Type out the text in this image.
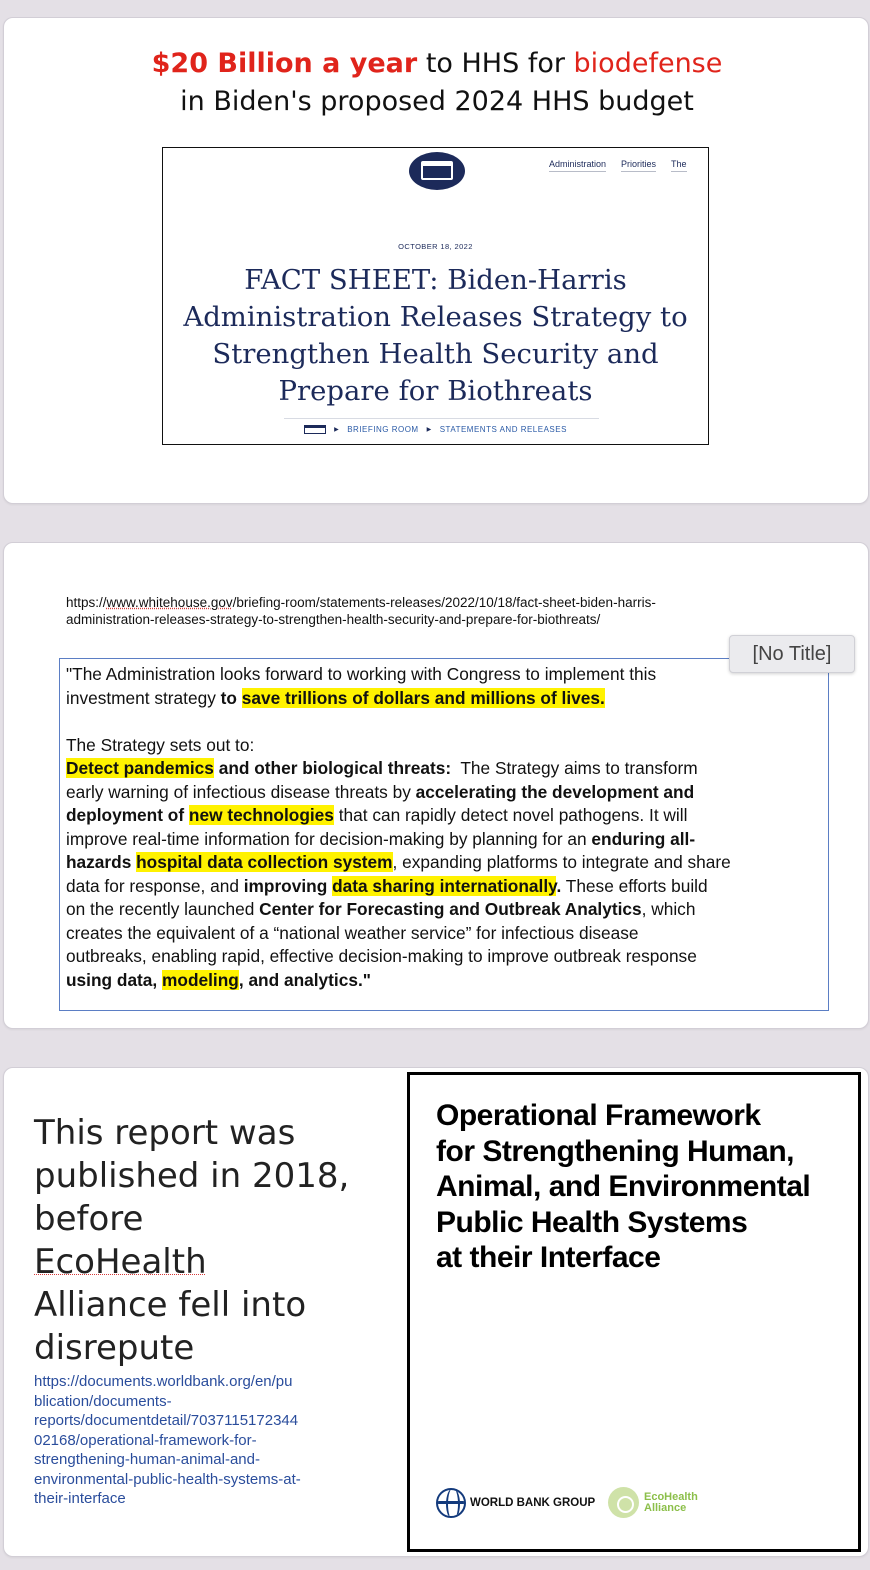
$20 Billion a year to HHS for biodefense
in Biden's proposed 2024 HHS budget
Administration Priorities The
OCTOBER 18, 2022
FACT SHEET: Biden-Harris
Administration Releases Strategy to
Strengthen Health Security and
Prepare for Biothreats
▶ BRIEFING ROOM ▶ STATEMENTS AND RELEASES
https://www.whitehouse.gov/briefing-room/statements-releases/2022/10/18/fact-sheet-biden-harris-
administration-releases-strategy-to-strengthen-health-security-and-prepare-for-biothreats/

"The Administration looks forward to working with Congress to implement this

investment strategy to save trillions of dollars and millions of lives.

The Strategy sets out to:

Detect pandemics and other biological threats:  The Strategy aims to transform

early warning of infectious disease threats by accelerating the development and

deployment of new technologies that can rapidly detect novel pathogens. It will

improve real-time information for decision-making by planning for an enduring all-

hazards hospital data collection system, expanding platforms to integrate and share

data for response, and improving data sharing internationally. These efforts build

on the recently launched Center for Forecasting and Outbreak Analytics, which

creates the equivalent of a “national weather service” for infectious disease

outbreaks, enabling rapid, effective decision-making to improve outbreak response

using data, modeling, and analytics."

[No Title]
This report was
published in 2018,
before
EcoHealth
Alliance fell into
disrepute
https://documents.worldbank.org/en/pu
blication/documents-
reports/documentdetail/7037115172344
02168/operational-framework-for-
strengthening-human-animal-and-
environmental-public-health-systems-at-
their-interface
Operational Framework
for Strengthening Human,
Animal, and Environmental
Public Health Systems
at their Interface
WORLD BANK GROUP
EcoHealth
Alliance
